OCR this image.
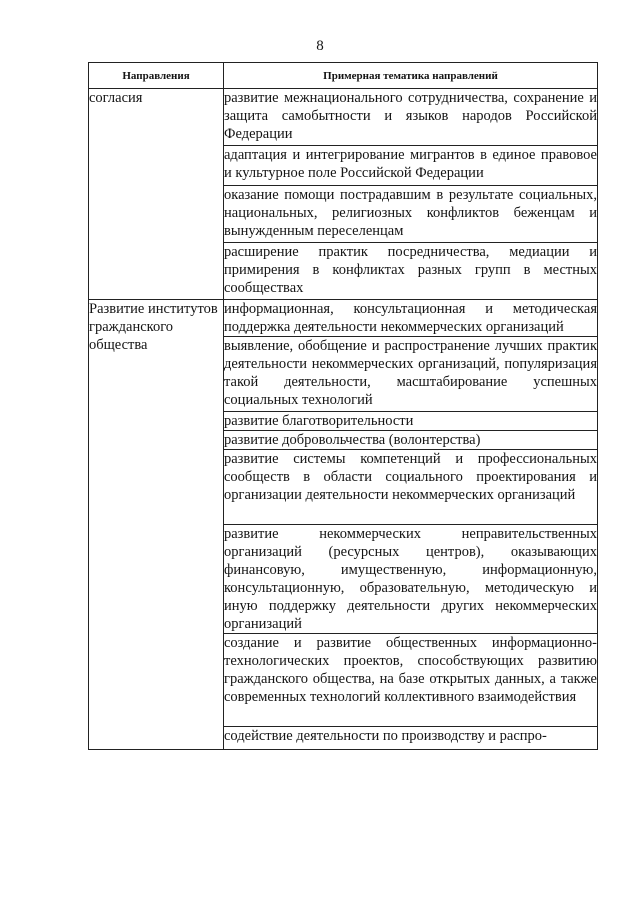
8
Направления	Примерная тематика направлений

согласия	развитие межнационального сотрудничества, сохранение и защита самобытности и языков народов Российской Федерации
	адаптация и интегрирование мигрантов в единое правовое и культурное поле Российской Федерации
	оказание помощи пострадавшим в результате социальных, национальных, религиозных конфликтов беженцам и вынужденным переселенцам
	расширение практик посредничества, медиации и примирения в конфликтах разных групп в местных сообществах

Развитие институтов гражданского общества	информационная, консультационная и методическая поддержка деятельности некоммерческих организаций
	выявление, обобщение и распространение лучших практик деятельности некоммерческих организаций, популяризация такой деятельности, масштабирование успешных социальных технологий
	развитие благотворительности
	развитие добровольчества (волонтерства)
	развитие системы компетенций и профессиональных сообществ в области социального проектирования и организации деятельности некоммерческих организаций
	развитие некоммерческих неправительственных организаций (ресурсных центров), оказывающих финансовую, имущественную, информационную, консультационную, образовательную, методическую и иную поддержку деятельности других некоммерческих организаций
	создание и развитие общественных информационно-технологических проектов, способствующих развитию гражданского общества, на базе открытых данных, а также современных технологий коллективного взаимодействия
	содействие деятельности по производству и распро-
